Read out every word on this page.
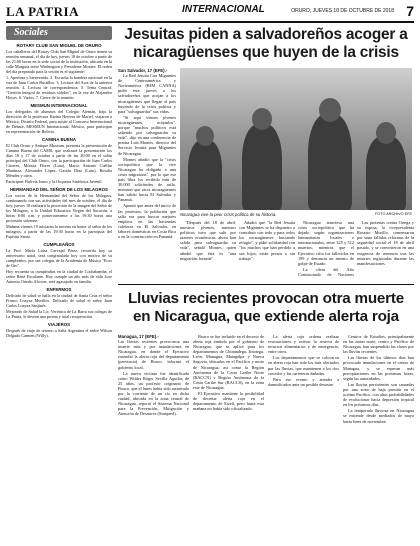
LA PATRIA	INTERNACIONAL	ORURO, JUEVES 18 DE OCTUBRE DE 2018 7
Sociales
ROTARY CLUB SAN MIGUEL DE ORURO

Los caballeros del Rotary Club San Miguel de Oruro tienen su reunión semanal, el día de hoy, jueves 18 de octubre a partir de las 21:00 horas en la sede social de la institución, ubicada en la calle Murguía entre Washington y Presidente Montes. El orden del día preparado para la sesión es el siguiente:

1. Apertura y bienvenida. 2. Escucha la bandera nacional en la voz de Juan Carlos Bustillos. 3. Lectura del Acta de la anterior reunión. 4. Lectura de correspondencia. 5. Tema Central: "Gestión integral de residuos sólidos", en la voz de Alejandro Hoyos. 6. Varios. 7. Cierre de la reunión.

MESMUN INTERNACIONAL

Los delegados de alumnos del Colegio Alemán, bajo la dirección de la profesora Karina Herrera de Mariel, viajaron a México, Distrito Federal, para asistir al Concurso Internacional de Debate, MESMUN Internacional, México, para participar en representación de Bolivia.

CAMINA BUENA

El Club Oruro y Antique Museum, presenta la presentación de Camina Buena del CAMS, que realizará la presentación los días 16 y 17 de octubre a partir de las 20:00 en el salón principal del Club Oruro, con la participación de Juan Carlos Cáceres, Mónica Flores (Luto), Marco Antonio Cuéllar Martínez, Alexander López, Gastón Díaz (Luto), Rosalía Méndez y otros.

Participan: Bolivia Jones y la Orquesta Sinfónica Juvenil.

HERMANDAD DEL SEÑOR DE LOS MILAGROS

Los socios de la Hermandad del Señor de los Milagros, continuando con sus actividades del mes de octubre, el día de hoy, jueves 18 realizará la procesión de la imagen del Señor de los Milagros, a la Unidad Educativa Virgen del Socavón, a horas 8:00 a.m. y posteriormente a las 19:30 horas una procesión solemne.

Mañana viernes 19 iniciarán la novena en honor al señor de los milagros, a partir de las 19:30 horas en la parroquia del Espíritu Santo.

CUMPLEAÑOS

La Prof. María Luisa Carvajal Pérez, recuerda hoy su aniversario natal, será congratulada hoy con motivo de su cumpleaños, por sus colegas de la Academia de Música "Ecos de Oro".

Hoy recuerda su cumpleaños en la ciudad de Cochabamba, el señor René Escalante. Hoy cumple un año más de vida Jose Antonio Ortuño Alcocer, será agasajado en familia.

ENFERMOS

Delicado de salud se halla en la ciudad de Santa Cruz el señor Franco Loayza Murillos. Delicado de salud el señor Juan Carlos Loayza Sanjinés.

Mejorado de Salud la Lic. Verónica de La Barra sus colegas de La Patria, le desean una pronta y total recuperación.

VIAJEROS

Después de viaje de retorno a Salta Argentina el señor Wilson Delgado Carmen (Willy).

Jesuitas piden a salvadoreños acoger a nicaragüenses que huyen de la crisis
San Salvador, 17 (EFE).-

La Red Jesuita Con Migrantes de Centroamérica y Norteamérica (RJM CANNA) pidió este jueves a los salvadoreños que acojan a los nicaragüenses que llegan al país huyendo de la crisis política y para "salvaguardar" sus vidas.

"Si aquí vienen jóvenes nicaragüenses, acójanlos", porque "muchos políticos está saliendo por salvaguardar su vida", dijo en una conferencia de prensa Luis Montes, director del Servicio Jesuita para Migrantes de Nicaragua.

Montes añadió que la "crisis sociopolítica que la vive Nicaragua ha obligado a una crisis migratoria", por lo que ese país libra los recibido más de 30.000 solicitudes de asilo, mientras que otros nicaragüenses han salido hacia El Salvador y Panamá.

Apuntó que antes del inicio de las protestas, la población que salía era para buscar mejores empleos en las haciendas cafeteras en El Salvador, en labores domésticas en Costa Rica o en la construcción en Panamá.

Nicaragua vive la peor crisis política de su historia.	FOTO ARCHIVO EFE

"Después del 18 de abril, nuestros jóvenes, nuestros políticos tuvo que salir por razones económicas, ahora han salido para salvaguardar su vida", señaló Montes, quien añadió que ésta es "una migración forzada".

Añadió que "la Red Jesuita con Migrantes se ha dispuesto a contribuir con todo y para todos los nicaragüenses buscando refugio", y pidió solidaridad con "los muchos que han perdido a sus hijos, están presos o sin trabajo".

Nicaragua atraviesa una crisis sociopolítica que ha dejado, según organizaciones humanitarias locales e internacionales, entre 325 y 512 muertos, mientras que el Ejecutivo cifra los fallecidos en 199 y denuncia un intento de golpe de Estado.

La cifras del Alto Comisionado de Naciones

Las protestas contra Ortega y su esposa, la vicepresidenta Rosario Murillo, comenzaron por unas fallidas reformas de la seguridad social el 18 de abril pasado, y se convirtieron en una exigencia de renuncia tras las muertes registradas durante las manifestaciones.

Lluvias recientes provocan otra muerte en Nicaragua, que extiende alerta roja
Managua, 17 (EFE).-

Las lluvias recientes provocaron una muerte más y por inundaciones en Nicaragua, en donde el Ejecutivo extendió la alerta roja del departamento (provincia) de Boaco, informó el gobierno local.

La nueva víctima fue identificada como Wilder Róger Sevilla Aguilar, de 25 años, un profesor originario de Boaco, que el lunes había sido arrastrado por la corriente de un río en dicha ciudad, ubicada en la zona central de Nicaragua, reportó el Sistema Nacional para la Prevención, Mitigación y Atención de Desastres (Sinapred).

Boaco se fue incluido en el decreto de alerta roja emitido por el gobierno de Nicaragua, que se aplicó para los departamentos de Chinandega, Jinotega, León, Managua, Matagalpa y Nueva Segovia, ubicados en el Pacífico y norte de Nicaragua, así como la Región Autónoma de la Costa Caribe Norte (RACCN) y Región Autónoma de la Costa Caribe Sur (RACCS), en la zona este de Nicaragua.

El Ejecutivo mantiene la posibilidad de decretar alerta roja en el departamento de Estelí, pero hasta esta mañana no había sido oficializado.

La alerta roja ordena realizar evacuaciones y activar la reserva de recursos alimentarios y de emergencia, entre otros.

Los departamentos que se colocaron en alerta roja han sido los más afectados por las lluvias, que mantienen a los ríos crecidos y las carreteras dañadas.

Para ese evento y atender a damnificados ante un posible desastre.

Centros de Estudios, principalmente en las zonas norte, centro y Pacífico de Nicaragua, han suspendido las clases por las lluvias recientes.

Las lluvias de los últimos días han provocado inundaciones en el centro de Managua, y se esperan más precipitaciones en las próximas horas, según las autoridades.

Las lluvias persistentes son causadas por una zona de baja presión en el océano Pacífico, con altas probabilidades de evolucionar hacia depresión tropical en los próximos días.

La temporada lluviosa en Nicaragua se extiende desde mediados de mayo hasta fines de noviembre.
